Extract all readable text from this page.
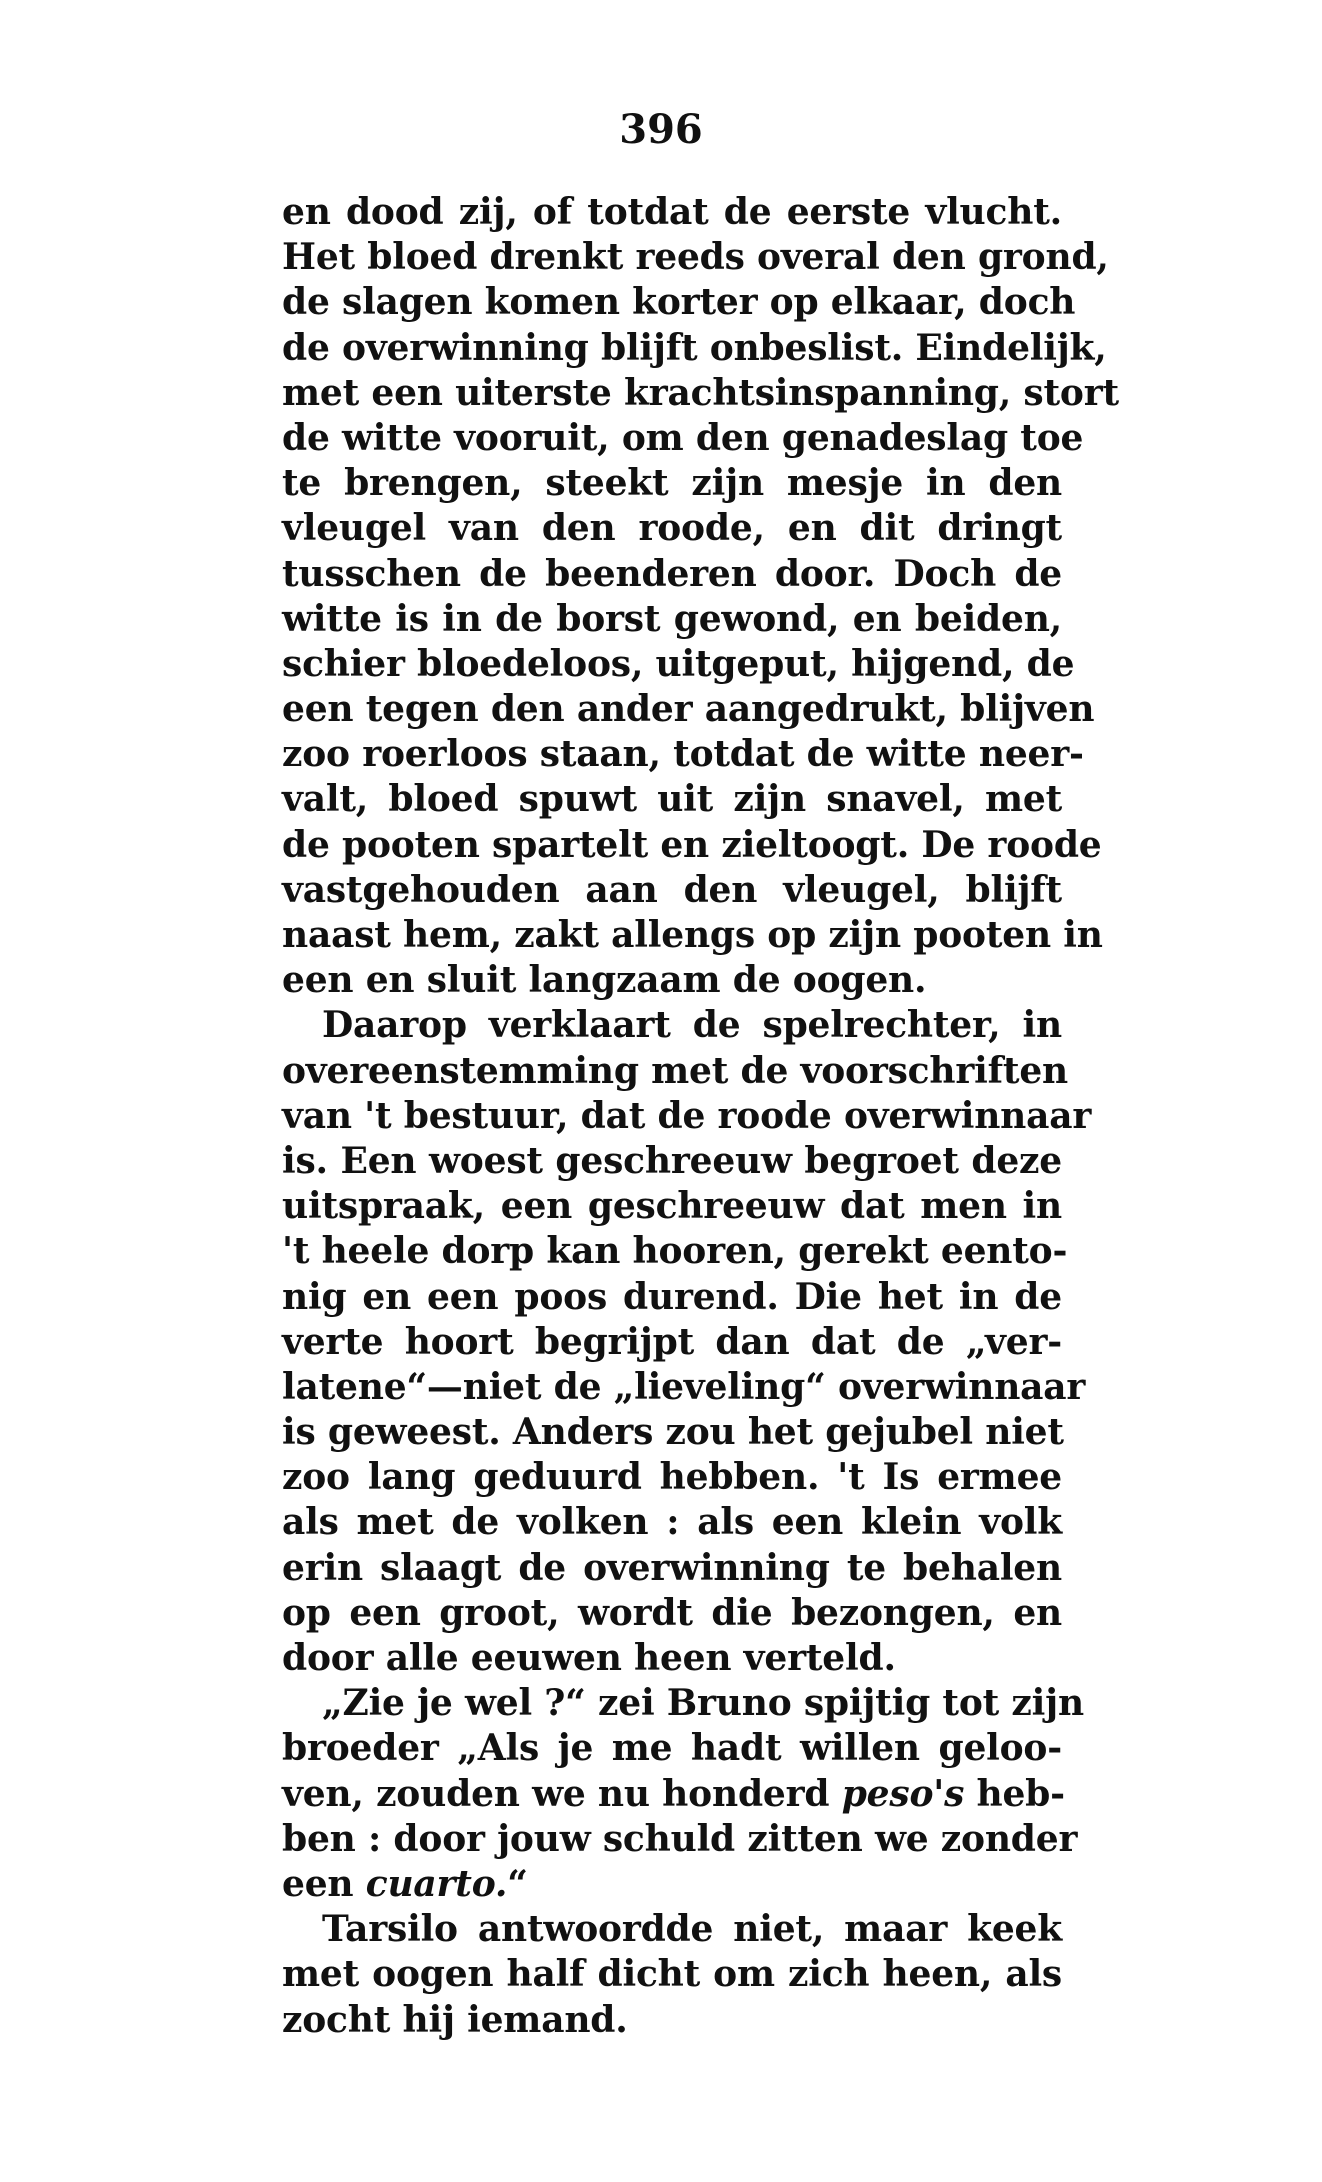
396
en dood zij, of totdat de eerste vlucht.
Het bloed drenkt reeds overal den grond,
de slagen komen korter op elkaar, doch
de overwinning blijft onbeslist. Eindelijk,
met een uiterste krachtsinspanning, stort
de witte vooruit, om den genadeslag toe
te brengen, steekt zijn mesje in den
vleugel van den roode, en dit dringt
tusschen de beenderen door. Doch de
witte is in de borst gewond, en beiden,
schier bloedeloos, uitgeput, hijgend, de
een tegen den ander aangedrukt, blijven
zoo roerloos staan, totdat de witte neer-
valt, bloed spuwt uit zijn snavel, met
de pooten spartelt en zieltoogt. De roode
vastgehouden aan den vleugel, blijft
naast hem, zakt allengs op zijn pooten in
een en sluit langzaam de oogen.
Daarop verklaart de spelrechter, in
overeenstemming met de voorschriften
van 't bestuur, dat de roode overwinnaar
is. Een woest geschreeuw begroet deze
uitspraak, een geschreeuw dat men in
't heele dorp kan hooren, gerekt eento-
nig en een poos durend. Die het in de
verte hoort begrijpt dan dat de „ver-
latene“—niet de „lieveling“ overwinnaar
is geweest. Anders zou het gejubel niet
zoo lang geduurd hebben. 't Is ermee
als met de volken : als een klein volk
erin slaagt de overwinning te behalen
op een groot, wordt die bezongen, en
door alle eeuwen heen verteld.
„Zie je wel ?“ zei Bruno spijtig tot zijn
broeder „Als je me hadt willen geloo-
ven, zouden we nu honderd peso's heb-
ben : door jouw schuld zitten we zonder
een cuarto.“
Tarsilo antwoordde niet, maar keek
met oogen half dicht om zich heen, als
zocht hij iemand.
